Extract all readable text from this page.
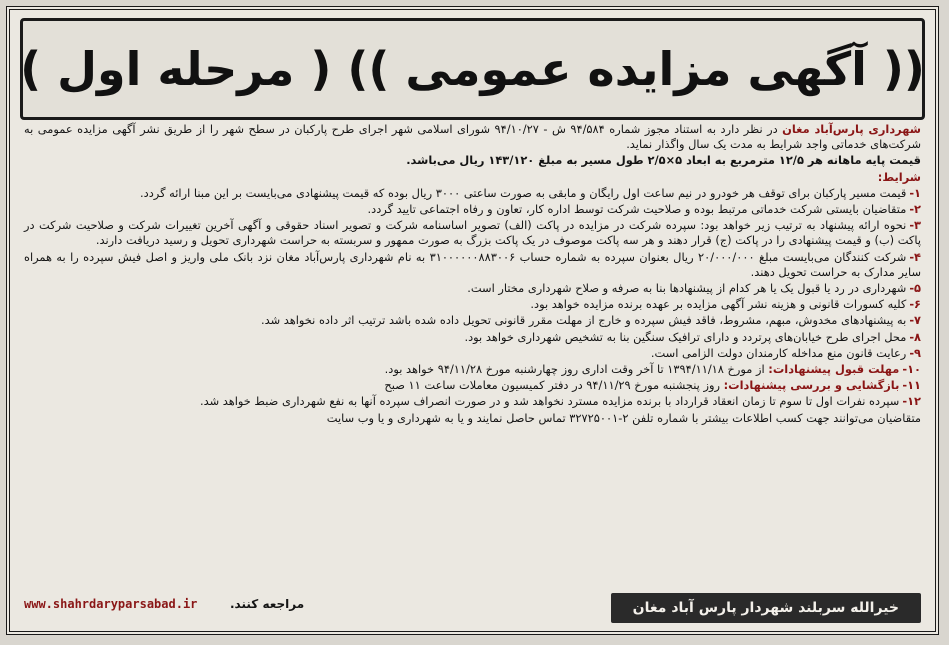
(( آگهی مزایده عمومی )) ( مرحله اول )

شهرداری پارس‌آباد مغان در نظر دارد به استناد مجوز شماره ۹۴/۵۸۴ ش - ۹۴/۱۰/۲۷ شورای اسلامی شهر اجرای طرح پارکبان در سطح شهر را از طریق نشر آگهی مزایده عمومی به شرکت‌های خدماتی واجد شرایط به مدت یک سال واگذار نماید.

قیمت پایه ماهانه هر ۱۲/۵ مترمربع به ابعاد ۵×۲/۵ طول مسیر به مبلغ ۱۴۳/۱۲۰ ریال می‌باشد.

شرایط:

۱-قیمت مسیر پارکبان برای توقف هر خودرو در نیم ساعت اول رایگان و مابقی به صورت ساعتی ۳۰۰۰ ریال بوده که قیمت پیشنهادی می‌بایست بر این مبنا ارائه گردد.

۲-متقاضیان بایستی شرکت خدماتی مرتبط بوده و صلاحیت شرکت توسط اداره کار، تعاون و رفاه اجتماعی تایید گردد.

۳-نحوه ارائه پیشنهاد به ترتیب زیر خواهد بود: سپرده شرکت در مزایده در پاکت (الف) تصویر اساسنامه شرکت و تصویر اسناد حقوقی و آگهی آخرین تغییرات شرکت و صلاحیت شرکت در پاکت (ب) و قیمت پیشنهادی را در پاکت (ج) قرار دهند و هر سه پاکت موصوف در یک پاکت بزرگ به صورت ممهور و سربسته به حراست شهرداری تحویل و رسید دریافت دارند.

۴-شرکت کنندگان می‌بایست مبلغ ۲۰/۰۰۰/۰۰۰ ریال بعنوان سپرده به شماره حساب ۳۱۰۰۰۰۰۰۸۸۳۰۰۶ به نام شهرداری پارس‌آباد مغان نزد بانک ملی واریز و اصل فیش سپرده را به همراه سایر مدارک به حراست تحویل دهند.

۵-شهرداری در رد یا قبول یک یا هر کدام از پیشنهادها بنا به صرفه و صلاح شهرداری مختار است.

۶-کلیه کسورات قانونی و هزینه نشر آگهی مزایده بر عهده برنده مزایده خواهد بود.

۷-به پیشنهادهای مخدوش، مبهم، مشروط، فاقد فیش سپرده و خارج از مهلت مقرر قانونی تحویل داده شده باشد ترتیب اثر داده نخواهد شد.

۸-محل اجرای طرح خیابان‌های پرتردد و دارای ترافیک سنگین بنا به تشخیص شهرداری خواهد بود.

۹-رعایت قانون منع مداخله کارمندان دولت الزامی است.

۱۰-مهلت قبول پیشنهادات: از مورخ ۱۳۹۴/۱۱/۱۸ تا آخر وقت اداری روز چهارشنبه مورخ ۹۴/۱۱/۲۸ خواهد بود.

۱۱-بازگشایی و بررسی پیشنهادات: روز پنجشنبه مورخ ۹۴/۱۱/۲۹ در دفتر کمیسیون معاملات ساعت ۱۱ صبح

۱۲-سپرده نفرات اول تا سوم تا زمان انعقاد قرارداد با برنده مزایده مسترد نخواهد شد و در صورت انصراف سپرده آنها به نفع شهرداری ضبط خواهد شد.

متقاضیان می‌توانند جهت کسب اطلاعات بیشتر با شماره تلفن ۲-۳۲۷۲۵۰۰۱ تماس حاصل نمایند و یا به شهرداری و یا وب سایت

خیرالله سربلند شهردار پارس آباد مغان
www.shahrdaryparsabad.ir	مراجعه کنند.
